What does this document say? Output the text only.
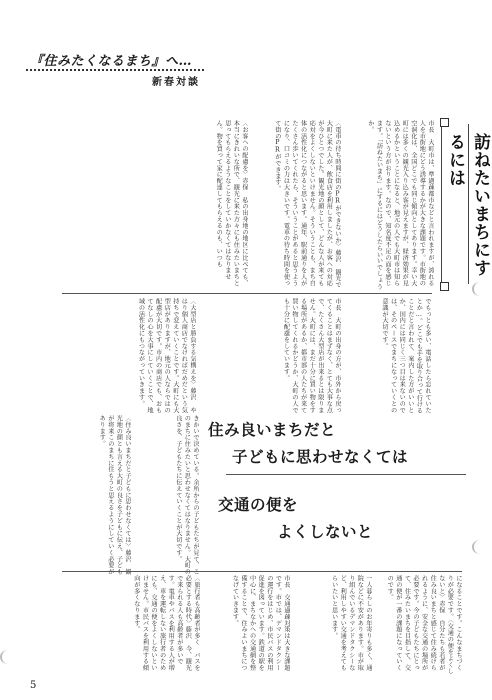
『住みたくなるまち』へ…
新春対談
訪ねたいまちにするには
市長　大町市は、準過疎都市などと言われますが、誇れる人を市街地にどう誘導するかが大きな課題です。市街地の空洞化は、全国どこでも同じ傾向としてあります。幸い大町には多くの観光入り込み客が見えますが、経済効果が見込めるかということになると、地元の人でも大町市は知らないという方がおります。なので、知名度不足の面を感じます。「訪ねたいまち」にするにはどうしたらいいでしょうか。
〈電車の待ち時間に街のPRができないか〉藤沢　観光で大町に来た人が、飲食店を利用しましたが、お客への対応が今ひとつでした。観光地の顔として、どんな人が来ても応対をよくしないといけません。そういうことも、まち自体の活性化につながると思います。通年、駅前通りを人がたくさん歩いてくれたら、そういうことがあると思うようになり、口コミの力は大きいです。電車の待ち時間を使って街のPRができます。
〈お客への配慮を〉赤保　私の出身地の地区に比べても、本当にきれいな所で、観光に来た方々にも住みたいまちと思ってもらえるようなことをしていかなくてはなりません。物を買って家に配達してもらえるのも、いつも
でもっとも多い、電話したら忘れていたとか…。どこでも手を取り合って行けることだと言われて、案内した方がいいとか、国内には同じく三つ目は来ないのでは、そのペースでまちになっていくとの意識が大切です。
市長　大町の出身の方が、市外から戻ってくることはまずなく、とても大事な点で、たくさん大型店が出来るとは限りません。大町には、まだ十分に買い物をする場所があるか、都市部の人たちが来て買い物してくれるかどうか、大町の人でも十分に配慮をしています。
〈大型店と勝負する気構えを〉藤沢　やはり個人商店でなければだめだという気持ちで変えていくことです。大町にも大型店がありますが、地元の人ならではの配慮が大切です。市内の商店でも、おもてなしの心を大事にしていくことで、地域の活性化にもつながっていきます。
住み良いまちだと
子どもに思わせなくては
交通の便を
よくしないと
きかいで決めている。余所からの子どもたちが見て、このまちに住みたいと思わせなくてはなりません。大町の良さを、子どもたちに伝えていくことが大切です。
〈住み良いまちだと子どもに思わせなくては〉藤沢　観光地の顔とも言える大町の良さを子どもに伝え、子どもが将来このまちに住もうと思えるようにしていく必要があります。
になることです。こんなまちづくりが必要です。〈交通の便をよくしないと〉赤保　自分たちも若者が住み良いまちと感じて住み続けられるように、安全な交通の場所が必要です。今の子どもたちにとって、住みたいまちを目指して、交通の便が一番の課題になっていくのです。
一人暮らしのお年寄りも多く、通院などに不安があります。市が取り組んでいるデマンドタクシーなど、利用しやすい交通を考えてもらいたいと思います。
市長　交通過疎対策は大きな課題です。市では、デマンドタクシーの運行をはじめ、市民バスの利用促進を図っています。鉄道の駅を中心に、まちなかへの交通網を整備することで、住みよいまちにつなげていきます。
〈旅行者も高齢者が多く　バスを必要とする時代〉藤沢　今、観光で来られる人も高齢者が多いです。電車やバスを利用する人が増え、車を運転しない旅行者のためにも、交通の便をよくしないといけません。市民バスを利用する傾向が多くなります。
5
